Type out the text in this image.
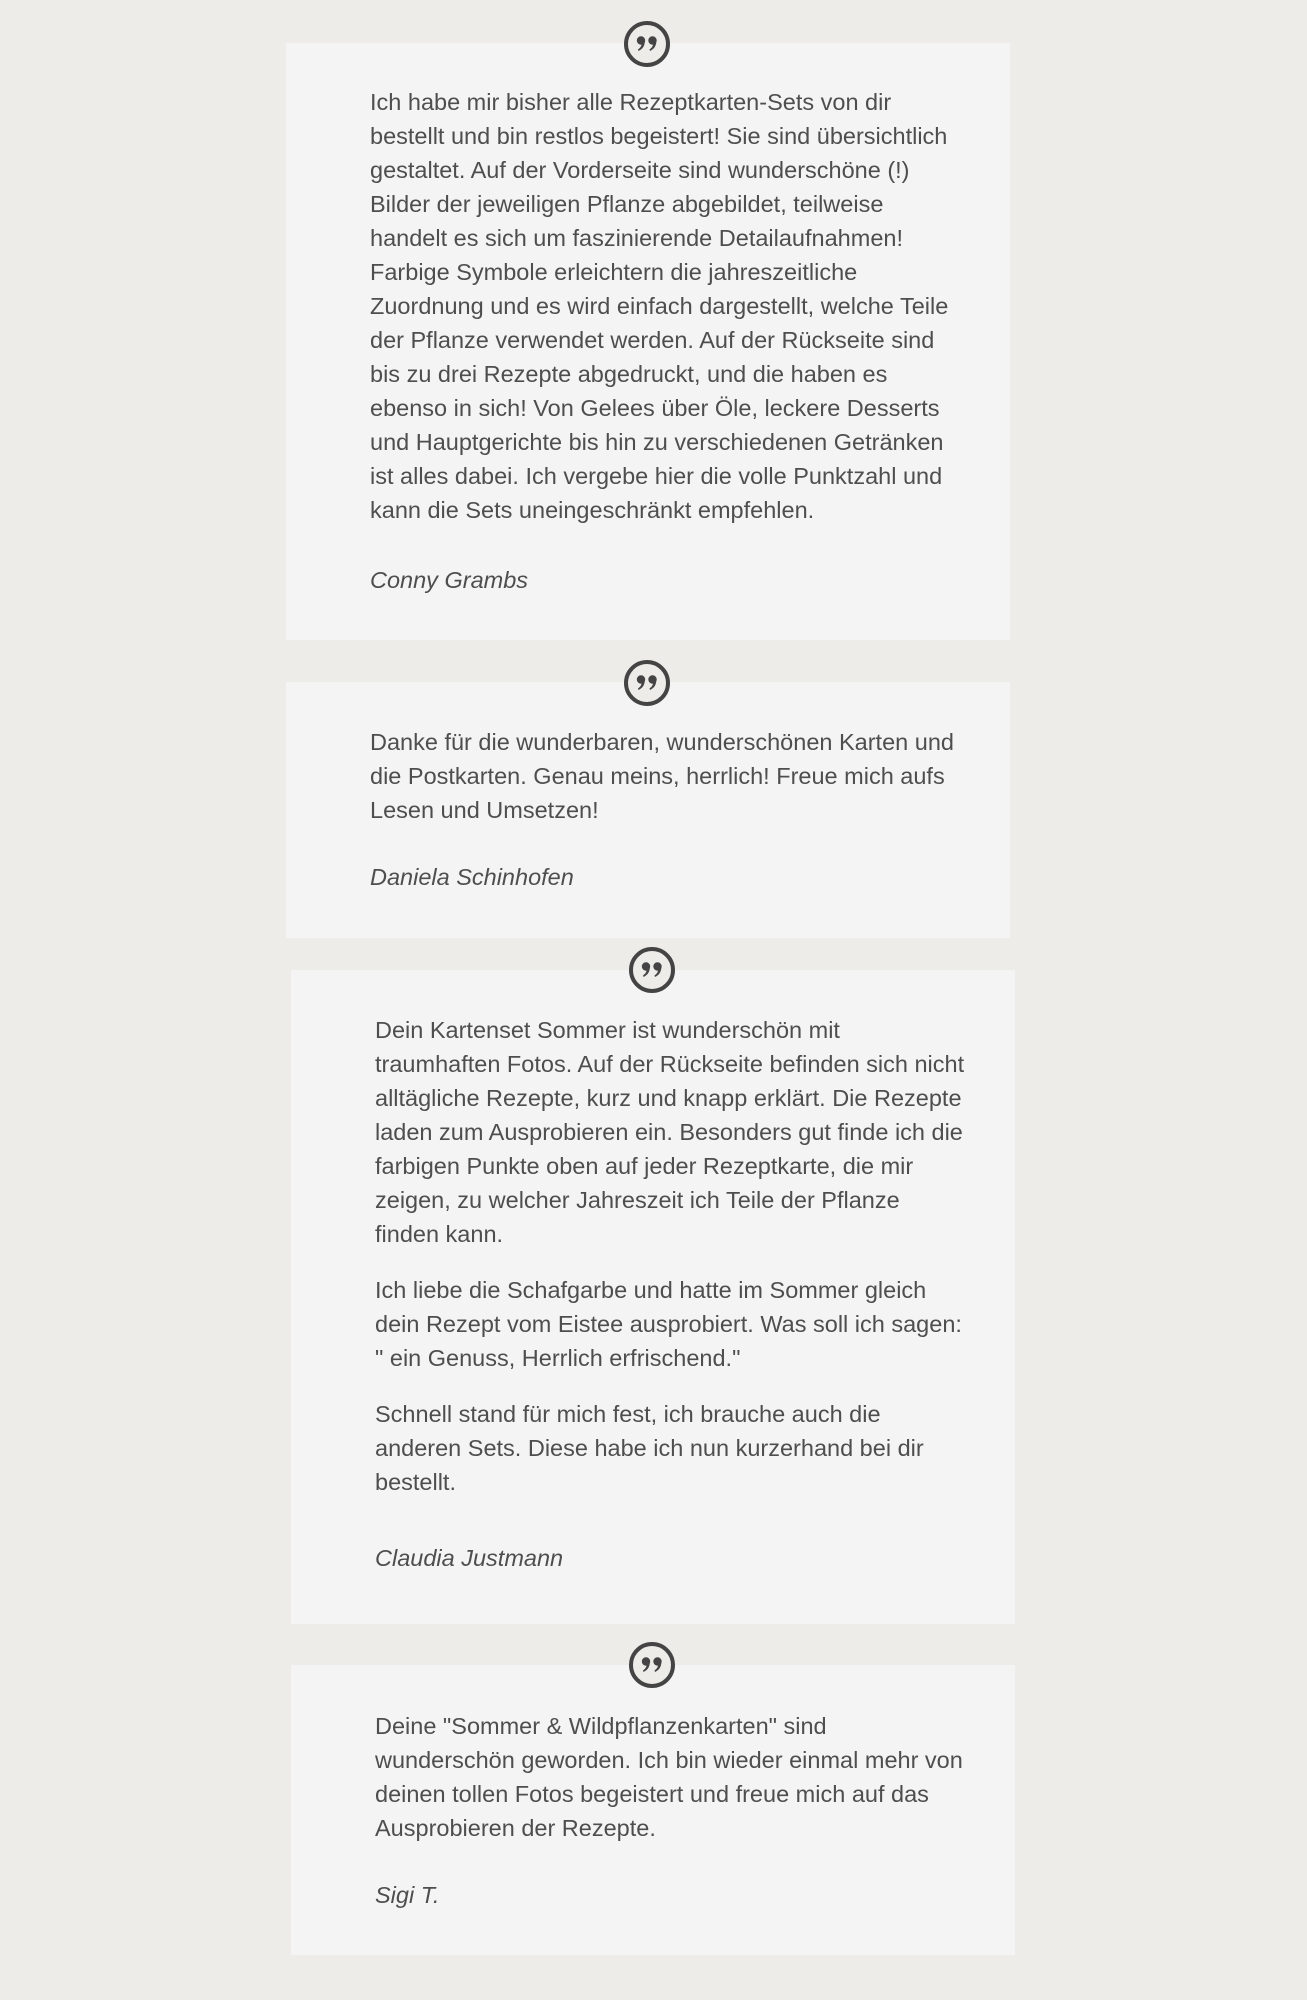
Ich habe mir bisher alle Rezeptkarten-Sets von dir bestellt und bin restlos begeistert! Sie sind übersichtlich gestaltet. Auf der Vorderseite sind wunderschöne (!) Bilder der jeweiligen Pflanze abgebildet, teilweise handelt es sich um faszinierende Detailaufnahmen! Farbige Symbole erleichtern die jahreszeitliche Zuordnung und es wird einfach dargestellt, welche Teile der Pflanze verwendet werden. Auf der Rückseite sind bis zu drei Rezepte abgedruckt, und die haben es ebenso in sich! Von Gelees über Öle, leckere Desserts und Hauptgerichte bis hin zu verschiedenen Getränken ist alles dabei. Ich vergebe hier die volle Punktzahl und kann die Sets uneingeschränkt empfehlen.

Conny Grambs

Danke für die wunderbaren, wunderschönen Karten und die Postkarten. Genau meins, herrlich! Freue mich aufs Lesen und Umsetzen!

Daniela Schinhofen

Dein Kartenset Sommer ist wunderschön mit traumhaften Fotos. Auf der Rückseite befinden sich nicht alltägliche Rezepte, kurz und knapp erklärt. Die Rezepte laden zum Ausprobieren ein. Besonders gut finde ich die farbigen Punkte oben auf jeder Rezeptkarte, die mir zeigen, zu welcher Jahreszeit ich Teile der Pflanze finden kann.

Ich liebe die Schafgarbe und hatte im Sommer gleich dein Rezept vom Eistee ausprobiert. Was soll ich sagen: " ein Genuss, Herrlich erfrischend."

Schnell stand für mich fest, ich brauche auch die anderen Sets. Diese habe ich nun kurzerhand bei dir bestellt.

Claudia Justmann

Deine "Sommer & Wildpflanzenkarten" sind wunderschön geworden. Ich bin wieder einmal mehr von deinen tollen Fotos begeistert und freue mich auf das Ausprobieren der Rezepte.

Sigi T.
